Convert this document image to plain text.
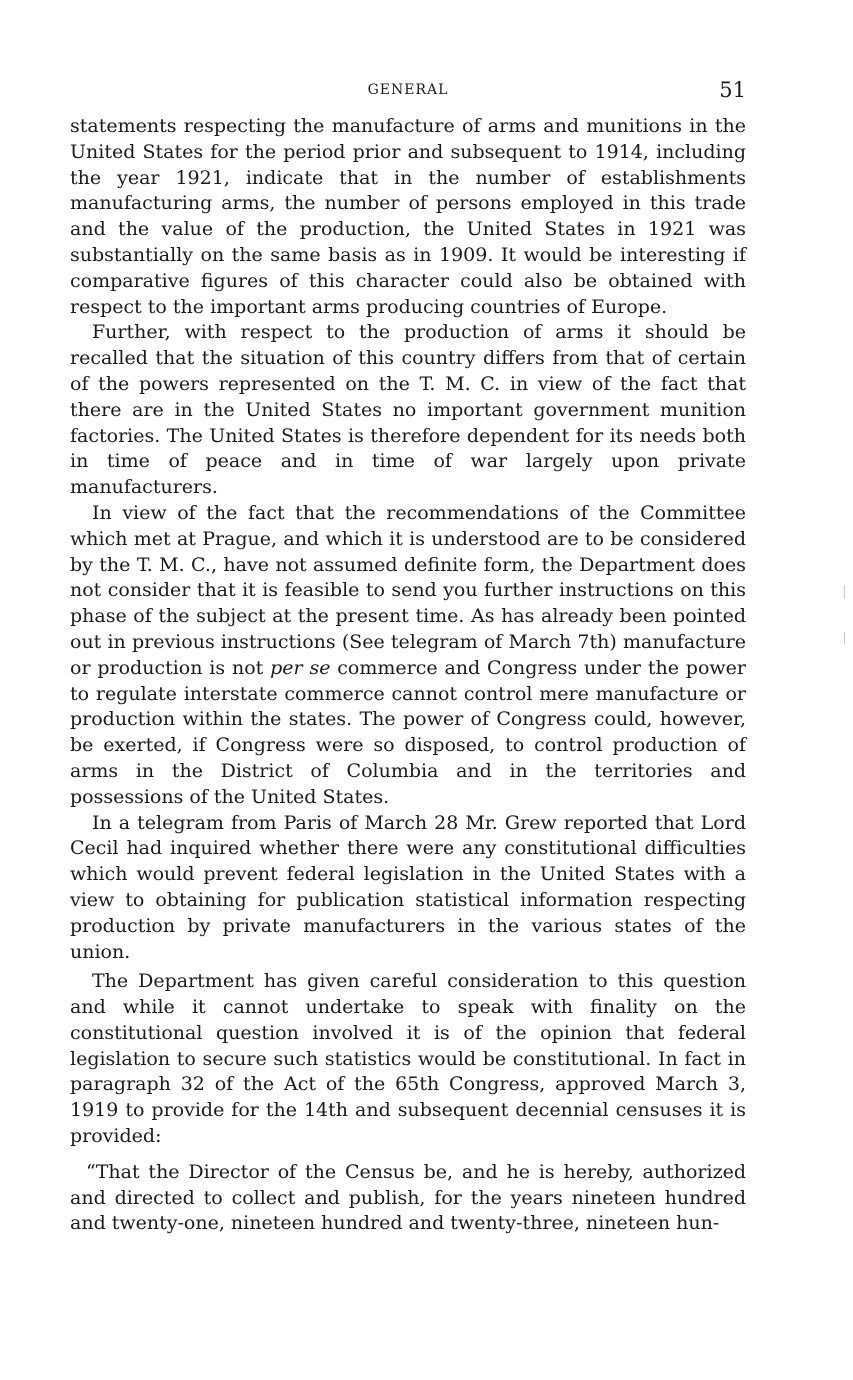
GENERAL	51

statements respecting the manufacture of arms and munitions in the United States for the period prior and subsequent to 1914, including the year 1921, indicate that in the number of establishments manufacturing arms, the number of persons employed in this trade and the value of the production, the United States in 1921 was substantially on the same basis as in 1909. It would be interesting if comparative figures of this character could also be obtained with respect to the important arms producing countries of Europe.

Further, with respect to the production of arms it should be recalled that the situation of this country differs from that of certain of the powers represented on the T. M. C. in view of the fact that there are in the United States no important government munition factories. The United States is therefore dependent for its needs both in time of peace and in time of war largely upon private manufacturers.

In view of the fact that the recommendations of the Committee which met at Prague, and which it is understood are to be considered by the T. M. C., have not assumed definite form, the Department does not consider that it is feasible to send you further instructions on this phase of the subject at the present time. As has already been pointed out in previous instructions (See telegram of March 7th) manufacture or production is not per se commerce and Congress under the power to regulate interstate commerce cannot control mere manufacture or production within the states. The power of Congress could, however, be exerted, if Congress were so disposed, to control production of arms in the District of Columbia and in the territories and possessions of the United States.

In a telegram from Paris of March 28 Mr. Grew reported that Lord Cecil had inquired whether there were any constitutional difficulties which would prevent federal legislation in the United States with a view to obtaining for publication statistical information respecting production by private manufacturers in the various states of the union.

The Department has given careful consideration to this question and while it cannot undertake to speak with finality on the constitutional question involved it is of the opinion that federal legislation to secure such statistics would be constitutional. In fact in paragraph 32 of the Act of the 65th Congress, approved March 3, 1919 to provide for the 14th and subsequent decennial censuses it is provided:

“That the Director of the Census be, and he is hereby, authorized and directed to collect and publish, for the years nineteen hundred and twenty-one, nineteen hundred and twenty-three, nineteen hun-
